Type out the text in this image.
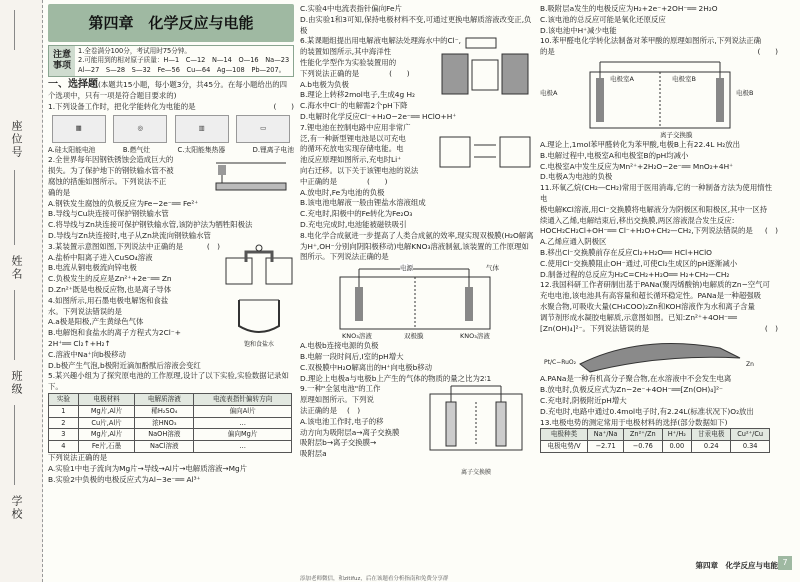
学校
班级
姓名
座位号
第四章　化学反应与电能
注意事项
1.全卷满分100分，考试用时75分钟。
2.可能用到的相对原子质量：H—1　C—12　N—14　O—16　Na—23
Al—27　S—28　S—32　Fe—56　Cu—64　Ag—108　Pb—207。
一、选择题(本题共15小题，每小题3分，共45分。在每小题给出的四个选项中，只有一项是符合题目要求的)

1.下列设备工作时，把化学能转化为电能的是	(　　)

▦	◎	▥	▭
A.硅太阳能电池	B.燃气灶	C.太阳能集热器	D.锂离子电池

2.全世界每年因钢铁锈蚀会造成巨大的

损失。为了保护地下的钢铁输水管不被

腐蚀的措施如图所示。下列说法不正

确的是

A.钢铁发生腐蚀的负极反应为Fe−2e⁻══ Fe²⁺

B.导线与Cu块连接可保护钢铁输水管

C.将导线与Zn块连接可保护钢铁输水管,该防护法为牺牲阳极法

D.导线与Zn块连接时,电子从Zn块流向钢铁输水管

3.某装置示意图如图,下列说法中正确的是	(　)

A.盐桥中阳离子进入CuSO₄溶液

B.电流从铜电极流向锌电极

C.负极发生的反应是Zn²⁺+2e⁻══ Zn

D.Zn²⁺既是电极反应物,也是离子导体

饱和食盐水

4.如图所示,用石墨电极电解饱和食盐

水。下列说法错误的是

A.a极是阳极,产生黄绿色气体

B.电解饱和食盐水的离子方程式为2Cl⁻+

2H⁺══ Cl₂↑+H₂↑

C.溶液中Na⁺向b极移动

D.b极产生气泡,b极附近滴加酚酞后溶液会变红

5.某兴趣小组为了探究原电池的工作原理,设计了以下实验,实验数据记录如下。

实验	电极材料	电解质溶液	电流表指针偏转方向
1	Mg片,Al片	稀H₂SO₄	偏向Al片
2	Cu片,Al片	浓HNO₃	…
3	Mg片,Al片	NaOH溶液	偏向Mg片
4	Fe片,石墨	NaCl溶液	…

下列说法正确的是

A.实验1中电子流向为Mg片→导线→Al片→电解质溶液→Mg片

B.实验2中负极的电极反应式为Al−3e⁻══ Al³⁺

C.实验4中电流表指针偏向Fe片

D.由实验1和3可知,保持电极材料不变,可通过更换电解质溶液改变正,负极

6.某课题组提出用电解液电解法处理海水中的Cl⁻,

的装置如图所示,其中海洋性

性能化学型作为实验装置用的

下列说法正确的是	(　　)

A.b电极为负极

B.理论上转移2mol电子,生成4g H₂

C.海水中Cl⁻的电解需2个pH下降

D.电解时化学反应Cl⁻+H₂O−2e⁻══ HClO+H⁺

7.锂电池在控制电路中应用非常广

泛,有一种新型锂电池是以可充电

的循环充放电实现存储电能。电

池反应原理如图所示,充电时Li⁺

向右迁移。以下关于该锂电池的说法

中正确的是	(　　)

A.放电时,Fe为电池的负极

B.该电池电解液一般由锂盐水溶液组成

C.充电时,阳极中的Fe转化为Fe₂O₃

D.充电完成时,电池能被磁铁吸引

8.电化学合成氨进一步提高了人类合成氨的效率,现实现双极膜(H₂O解离为H⁺,OH⁻分别向阴阳极移动)电解KNO₃溶液制氨,该装置的工作原理如图所示。下列说法正确的是

电源	气体
KNO₃溶液	双极膜	KNO₃溶液

A.电极b连接电源的负极

B.电解一段时间后,I室的pH增大

C.双极膜中H₂O解离出的H⁺向电极b移动

D.理论上电极a与电极b上产生的气体的物质的量之比为2∶1

离子交换膜

9.一种"全氢电池"的工作

原理如图所示。下列说

法正确的是 (　)

A.该电池工作时,电子的移

动方向为吸附层a→离子交换膜

吸附层b→离子交换膜→

吸附层a

B.吸附层a发生的电极反应为H₂+2e⁻+2OH⁻══ 2H₂O

C.该电池的总反应可能是氧化还原反应

D.该电池中H⁺减少电能

10.苯甲醛电化学转化法制备对苯甲酸的原理如图所示,下列说法正确

的是	(　　)

电极A
电极室A	电极室B
电极B
离子交换膜

A.理论上,1mol苯甲醛转化为苯甲酸,电极B上有22.4L H₂放出

B.电解过程中,电极室A和电极室B的pH均减小

C.电极室A中发生反应为Mn²⁺+2H₂O−2e⁻══ MnO₂+4H⁺

D.电极A为电池的负极

11.环氧乙烷(CH₂—CH₂)常用于医用消毒,它的一种制备方法为使用惰性电

极电解KCl溶液,用Cl⁻交换膜将电解液分为阴极区和阳极区,其中一区持

续通入乙烯,电解结束后,移出交换膜,两区溶液混合发生反应:

HOCH₂CH₂Cl+OH⁻══ Cl⁻+H₂O+CH₂—CH₂,下列说法错误的是 (　)

A.乙烯应通入阴极区

B.移出Cl⁻交换膜前存在反应Cl₂+H₂O══ HCl+HClO

C.使用Cl⁻交换膜阻止OH⁻通过,可使Cl₂生成区的pH逐渐减小

D.制备过程的总反应为H₂C=CH₂+H₂O══ H₂+CH₂—CH₂

12.我国科研工作者研制出基于PANa(聚丙烯酸钠)电解质的Zn−空气可

充电电池,该电池具有高容量和超长循环稳定性。PANa是一种超强吸

水聚合物,可吸收大量(CH₃COO)₂Zn和KOH溶液作为水和离子含量

调节剂形成水凝胶电解质,示意图如图。已知:Zn²⁺+4OH⁻══

[Zn(OH)₄]²⁻。下列说法错误的是	(　)

Pt/C−RuO₂	Zn

A.PANa是一种有机高分子聚合物,在水溶液中不会发生电离

B.放电时,负极反应式为Zn−2e⁻+4OH⁻══[Zn(OH)₄]²⁻

C.充电时,阴极附近pH增大

D.充电时,电路中通过0.4mol电子时,有2.24L(标准状况下)O₂放出

13.电极电势的测定常用于电极材料的选择(部分数据如下)

电极种类	Na⁺/Na	Zn²⁺/Zn	H⁺/H₂	甘汞电极	Cu²⁺/Cu
电极电势/V	−2.71	−0.76	0.00	0.24	0.34
第四章　化学反应与电能 7
添加老师微信，和zitifuz，后在该题看分析指南和免费分享群
